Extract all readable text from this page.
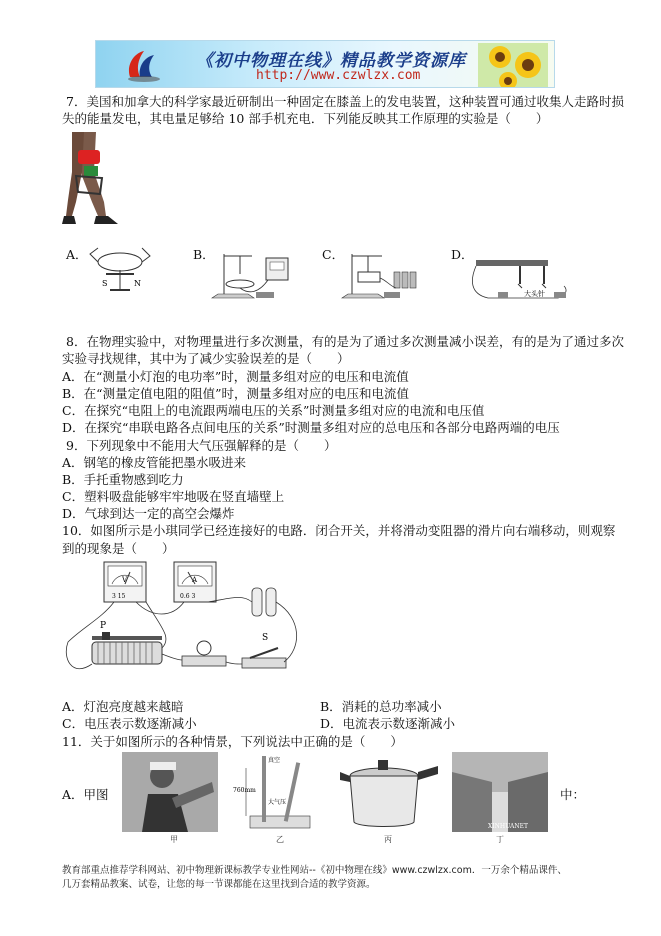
《初中物理在线》精品教学资源库
http://www.czwlzx.com
7．美国和加拿大的科学家最近研制出一种固定在膝盖上的发电装置，这种装置可通过收集人走路时损
失的能量发电，其电量足够给 10 部手机充电．下列能反映其工作原理的实验是（　　）
A．
S	N
B．	C．	D．
大头针
8．在物理实验中，对物理量进行多次测量，有的是为了通过多次测量减小误差，有的是为了通过多次
实验寻找规律，其中为了减少实验误差的是（　　）
A．在“测量小灯泡的电功率”时，测量多组对应的电压和电流值
B．在“测量定值电阻的阻值”时，测量多组对应的电压和电流值
C．在探究“电阻上的电流跟两端电压的关系”时测量多组对应的电流和电压值
D．在探究“串联电路各点间电压的关系”时测量多组对应的总电压和各部分电路两端的电压
9．下列现象中不能用大气压强解释的是（　　）
A．钢笔的橡皮管能把墨水吸进来
B．手托重物感到吃力
C．塑料吸盘能够牢牢地吸在竖直墙壁上
D．气球到达一定的高空会爆炸
10．如图所示是小琪同学已经连接好的电路．闭合开关，并将滑动变阻器的滑片向右端移动，则观察
到的现象是（　　）
V
3 15
A
0.6 3
P
S
A．灯泡亮度越来越暗	B．消耗的总功率减小
C．电压表示数逐渐减小	D．电流表示数逐渐减小
11．关于如图所示的各种情景，下列说法中正确的是（　　）
A．甲图
甲
760mm
真空
大气压
乙	丙
XINHUANET
丁
中：
教育部重点推荐学科网站、初中物理新课标教学专业性网站--《初中物理在线》www.czwlzx.com．一万余个精品课件、
几万套精品教案、试卷，让您的每一节课都能在这里找到合适的教学资源。
